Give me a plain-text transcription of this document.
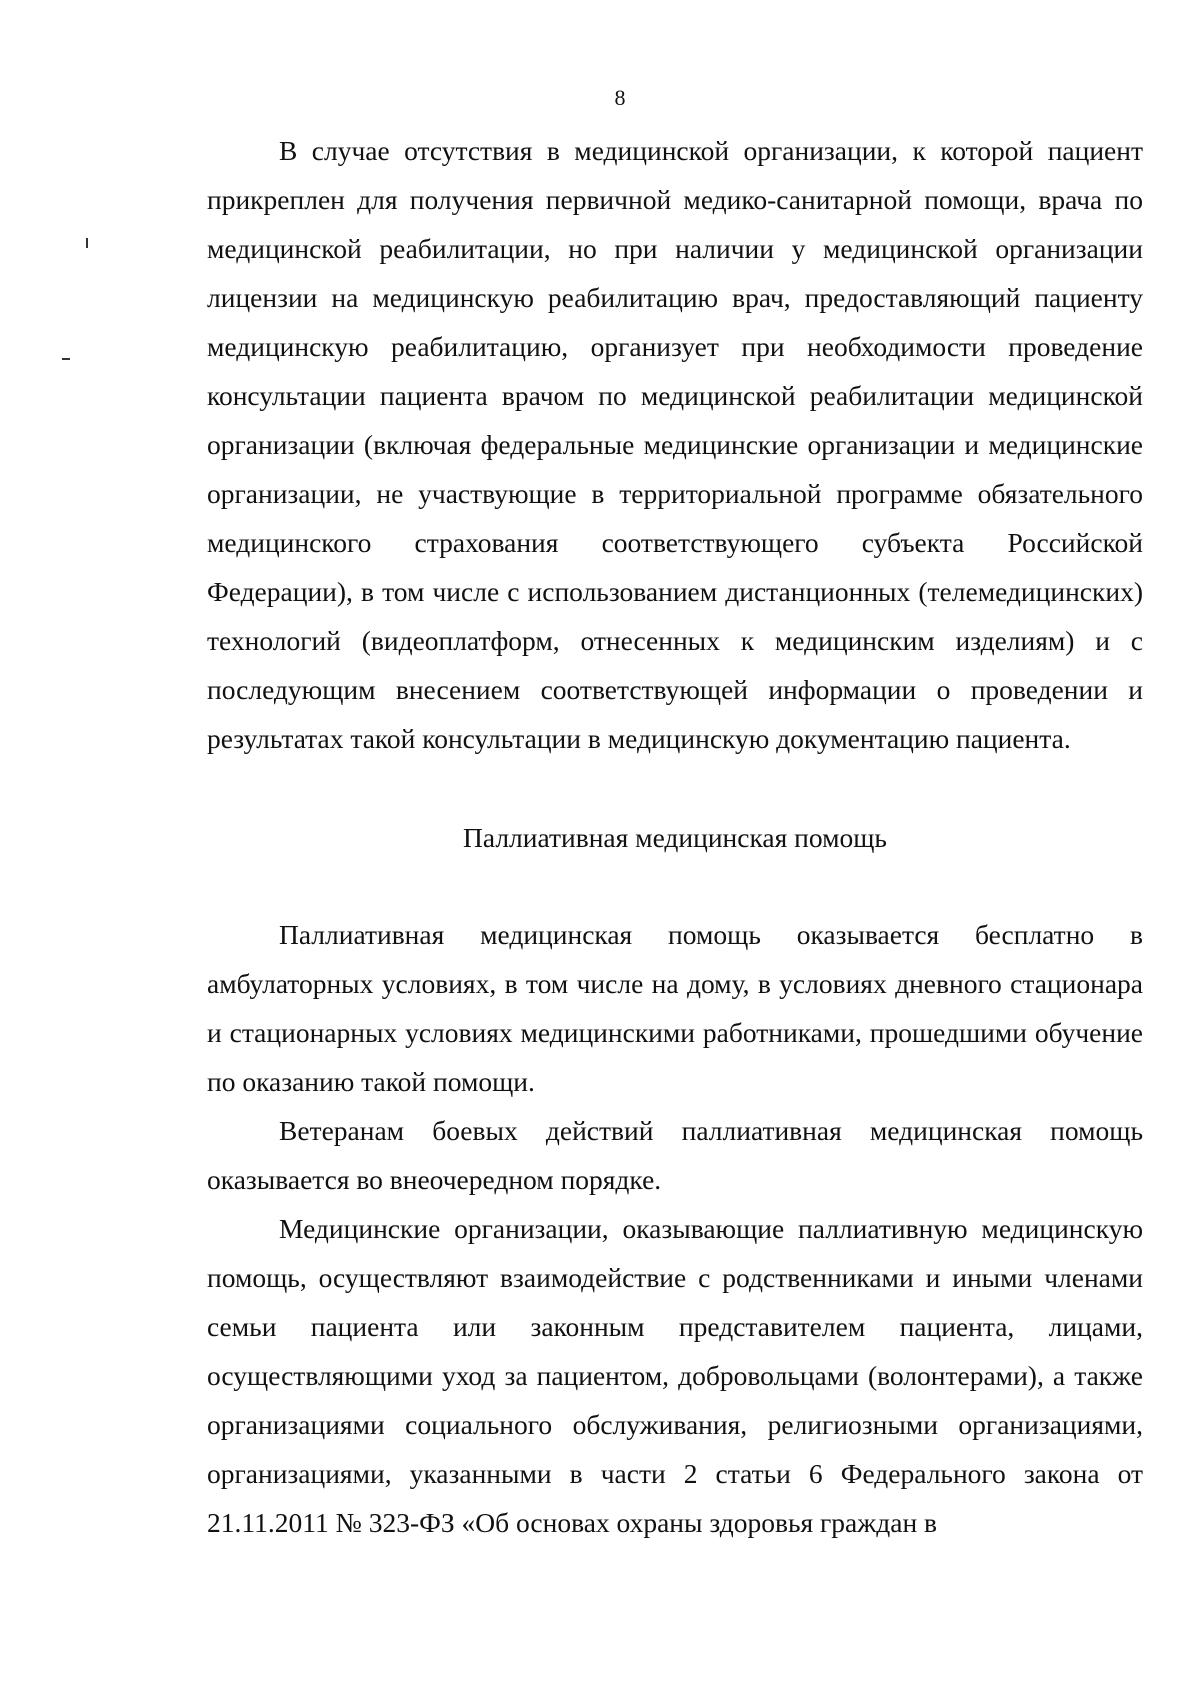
8

В случае отсутствия в медицинской организации, к которой пациент прикреплен для получения первичной медико-санитарной помощи, врача по медицинской реабилитации, но при наличии у медицинской организации лицензии на медицинскую реабилитацию врач, предоставляющий пациенту медицинскую реабилитацию, организует при необходимости проведение консультации пациента врачом по медицинской реабилитации медицинской организации (включая федеральные медицинские организации и медицинские организации, не участвующие в территориальной программе обязательного медицинского страхования соответствующего субъекта Российской Федерации), в том числе с использованием дистанционных (телемедицинских) технологий (видеоплатформ, отнесенных к медицинским изделиям) и с последующим внесением соответствующей информации о проведении и результатах такой консультации в медицинскую документацию пациента.

Паллиативная медицинская помощь

Паллиативная медицинская помощь оказывается бесплатно в амбулаторных условиях, в том числе на дому, в условиях дневного стационара и стационарных условиях медицинскими работниками, прошедшими обучение по оказанию такой помощи.

Ветеранам боевых действий паллиативная медицинская помощь оказывается во внеочередном порядке.

Медицинские организации, оказывающие паллиативную медицинскую помощь, осуществляют взаимодействие с родственниками и иными членами семьи пациента или законным представителем пациента, лицами, осуществляющими уход за пациентом, добровольцами (волонтерами), а также организациями социального обслуживания, религиозными организациями, организациями, указанными в части 2 статьи 6 Федерального закона от 21.11.2011 № 323-ФЗ «Об основах охраны здоровья граждан в
